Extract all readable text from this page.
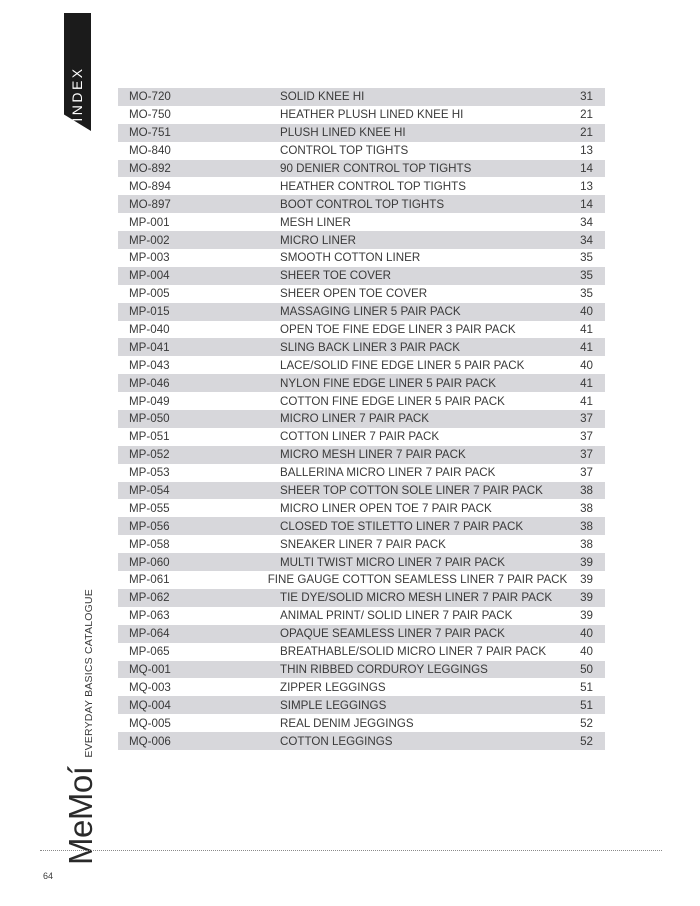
INDEX	MO-720	SOLID KNEE HI	31
MO-750	HEATHER PLUSH LINED KNEE HI	21
MO-751	PLUSH LINED KNEE HI	21
MO-840	CONTROL TOP TIGHTS	13
MO-892	90 DENIER CONTROL TOP TIGHTS	14
MO-894	HEATHER CONTROL TOP TIGHTS	13
MO-897	BOOT CONTROL TOP TIGHTS	14
MP-001	MESH LINER	34
MP-002	MICRO LINER	34
MP-003	SMOOTH COTTON LINER	35
MP-004	SHEER TOE COVER	35
MP-005	SHEER OPEN TOE COVER	35
MP-015	MASSAGING LINER 5 PAIR PACK	40
MP-040	OPEN TOE FINE EDGE LINER 3 PAIR PACK	41
MP-041	SLING BACK LINER 3 PAIR PACK	41
MP-043	LACE/SOLID FINE EDGE LINER 5 PAIR PACK	40
MP-046	NYLON FINE EDGE LINER 5 PAIR PACK	41
MP-049	COTTON FINE EDGE LINER 5 PAIR PACK	41
MP-050	MICRO LINER 7 PAIR PACK	37
MP-051	COTTON LINER 7 PAIR PACK	37
MP-052	MICRO MESH LINER 7 PAIR PACK	37
MP-053	BALLERINA MICRO LINER 7 PAIR PACK	37
MP-054	SHEER TOP COTTON SOLE LINER 7 PAIR PACK	38
MP-055	MICRO LINER OPEN TOE 7 PAIR PACK	38
MP-056	CLOSED TOE STILETTO LINER 7 PAIR PACK	38
MP-058	SNEAKER LINER 7 PAIR PACK	38
MP-060	MULTI TWIST MICRO LINER 7 PAIR PACK	39
MP-061	FINE GAUGE COTTON SEAMLESS LINER 7 PAIR PACK	39
MP-062	TIE DYE/SOLID MICRO MESH LINER 7 PAIR PACK	39
MP-063	ANIMAL PRINT/ SOLID LINER 7 PAIR PACK	39
MP-064	OPAQUE SEAMLESS LINER 7 PAIR PACK	40
MP-065	BREATHABLE/SOLID MICRO LINER 7 PAIR PACK	40
MQ-001	THIN RIBBED CORDUROY LEGGINGS	50
MQ-003	ZIPPER LEGGINGS	51
MQ-004	SIMPLE LEGGINGS	51
MQ-005	REAL DENIM JEGGINGS	52
MQ-006	COTTON LEGGINGS	52
MeMoí
EVERYDAY BASICS CATALOGUE
64
